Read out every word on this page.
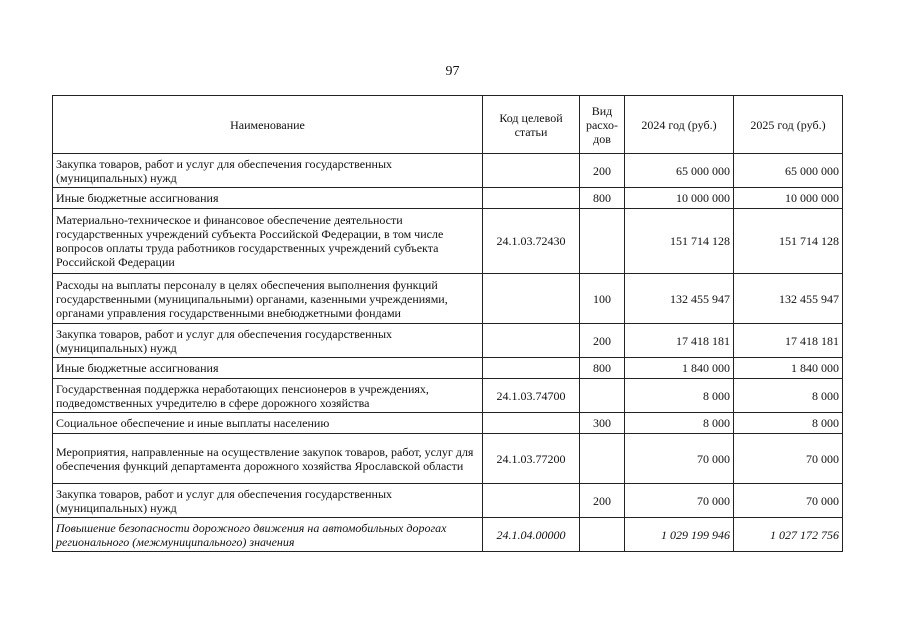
97
Наименование	Код целевой статьи	Вид расхо-дов	2024 год (руб.)	2025 год (руб.)
Закупка товаров, работ и услуг для обеспечения государственных (муниципальных) нужд		200	65 000 000	65 000 000
Иные бюджетные ассигнования		800	10 000 000	10 000 000
Материально-техническое и финансовое обеспечение деятельности государственных учреждений субъекта Российской Федерации, в том числе вопросов оплаты труда работников государственных учреждений субъекта Российской Федерации	24.1.03.72430		151 714 128	151 714 128
Расходы на выплаты персоналу в целях обеспечения выполнения функций государственными (муниципальными) органами, казенными учреждениями, органами управления государственными внебюджетными фондами		100	132 455 947	132 455 947
Закупка товаров, работ и услуг для обеспечения государственных (муниципальных) нужд		200	17 418 181	17 418 181
Иные бюджетные ассигнования		800	1 840 000	1 840 000
Государственная поддержка неработающих пенсионеров в учреждениях, подведомственных учредителю в сфере дорожного хозяйства	24.1.03.74700		8 000	8 000
Социальное обеспечение и иные выплаты населению		300	8 000	8 000
Мероприятия, направленные на осуществление закупок товаров, работ, услуг для обеспечения функций департамента дорожного хозяйства Ярославской области	24.1.03.77200		70 000	70 000
Закупка товаров, работ и услуг для обеспечения государственных (муниципальных) нужд		200	70 000	70 000
Повышение безопасности дорожного движения на автомобильных дорогах регионального (межмуниципального) значения	24.1.04.00000		1 029 199 946	1 027 172 756
